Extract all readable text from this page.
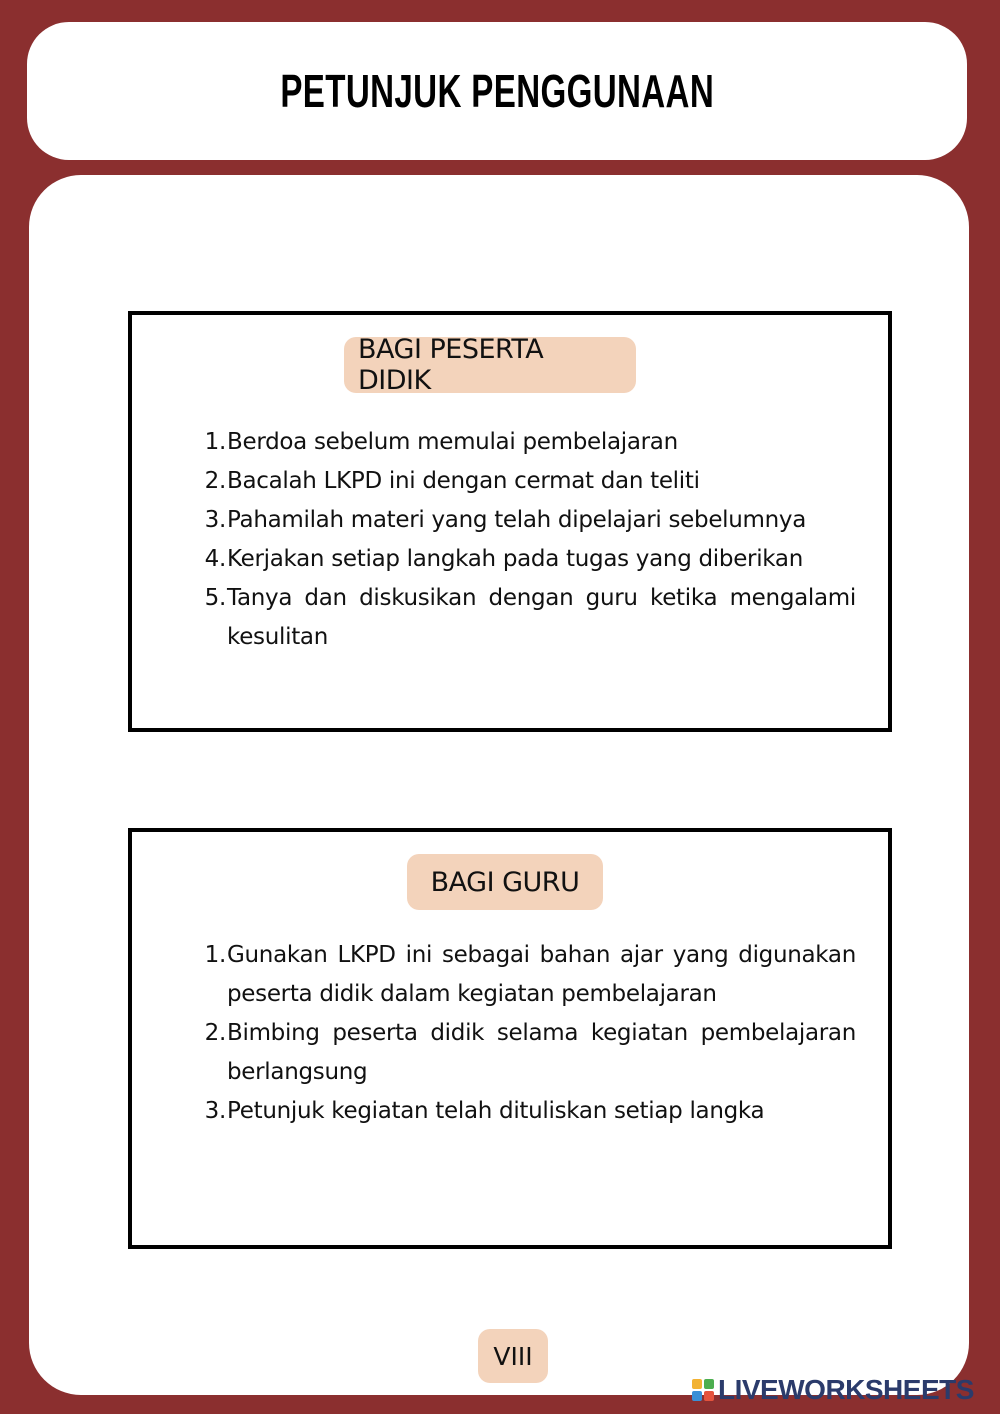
PETUNJUK PENGGUNAAN
BAGI PESERTA DIDIK
1. Berdoa sebelum memulai pembelajaran
2. Bacalah LKPD ini dengan cermat dan teliti
3. Pahamilah materi yang telah dipelajari sebelumnya
4. Kerjakan setiap langkah pada tugas yang diberikan
5. Tanya dan diskusikan dengan guru ketika mengalami kesulitan
BAGI GURU
1. Gunakan LKPD ini sebagai bahan ajar yang digunakan peserta didik dalam kegiatan pembelajaran
2. Bimbing peserta didik selama kegiatan pembelajaran berlangsung
3. Petunjuk kegiatan telah dituliskan setiap langka
VIII
LIVEWORKSHEETS
